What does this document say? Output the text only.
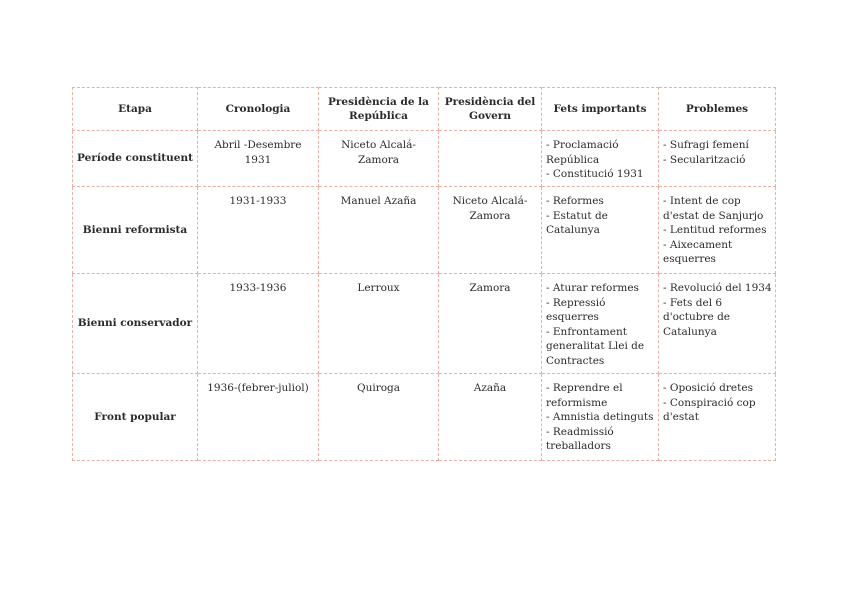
Etapa	Cronologia	Presidència de la República	Presidència del Govern	Fets importants	Problemes
Període constituent	Abril -Desembre 1931	Niceto Alcalá-Zamora		- Proclamació República
- Constitució 1931	- Sufragi femení
- Secularització

Bienni reformista	1931-1933	Manuel Azaña	Niceto Alcalá-Zamora	- Reformes
- Estatut de Catalunya	- Intent de cop d'estat de Sanjurjo
- Lentitud reformes
- Aixecament esquerres

Bienni conservador	1933-1936	Lerroux	Zamora	- Aturar reformes
- Repressió esquerres
- Enfrontament generalitat Llei de Contractes	- Revolució del 1934
- Fets del 6 d'octubre de Catalunya

Front popular	1936-(febrer-juliol)	Quiroga	Azaña	- Reprendre el reformisme
- Amnistia detinguts
- Readmissió treballadors	- Oposició dretes
- Conspiració cop d'estat
